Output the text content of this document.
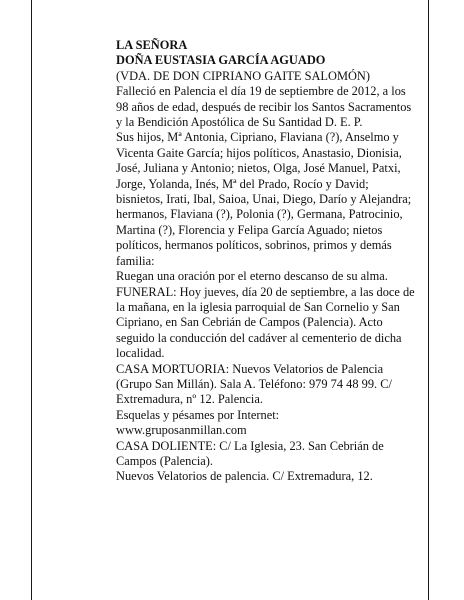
LA SEÑORA

DOÑA EUSTASIA GARCÍA AGUADO

(VDA. DE DON CIPRIANO GAITE SALOMÓN)

Falleció en Palencia el día 19 de septiembre de 2012, a los 98 años de edad, después de recibir los Santos Sacramentos y la Bendición Apostólica de Su Santidad D. E. P.

Sus hijos, Mª Antonia, Cipriano, Flaviana (?), Anselmo y Vicenta Gaite García; hijos políticos, Anastasio, Dionisia, José, Juliana y Antonio; nietos, Olga, José Manuel, Patxi, Jorge, Yolanda, Inés, Mª del Prado, Rocío y David; bisnietos, Irati, Ibal, Saioa, Unai, Diego, Darío y Alejandra; hermanos, Flaviana (?), Polonia (?), Germana, Patrocinio, Martina (?), Florencia y Felipa García Aguado; nietos políticos, hermanos políticos, sobrinos, primos y demás familia:

Ruegan una oración por el eterno descanso de su alma.

FUNERAL: Hoy jueves, día 20 de septiembre, a las doce de la mañana, en la iglesia parroquial de San Cornelio y San Cipriano, en San Cebrián de Campos (Palencia). Acto seguido la conducción del cadáver al cementerio de dicha localidad.

CASA MORTUORIA: Nuevos Velatorios de Palencia (Grupo San Millán). Sala A. Teléfono: 979 74 48 99. C/ Extremadura, nº 12. Palencia.

Esquelas y pésames por Internet:

www.gruposanmillan.com

CASA DOLIENTE: C/ La Iglesia, 23. San Cebrián de Campos (Palencia).

Nuevos Velatorios de palencia. C/ Extremadura, 12.
